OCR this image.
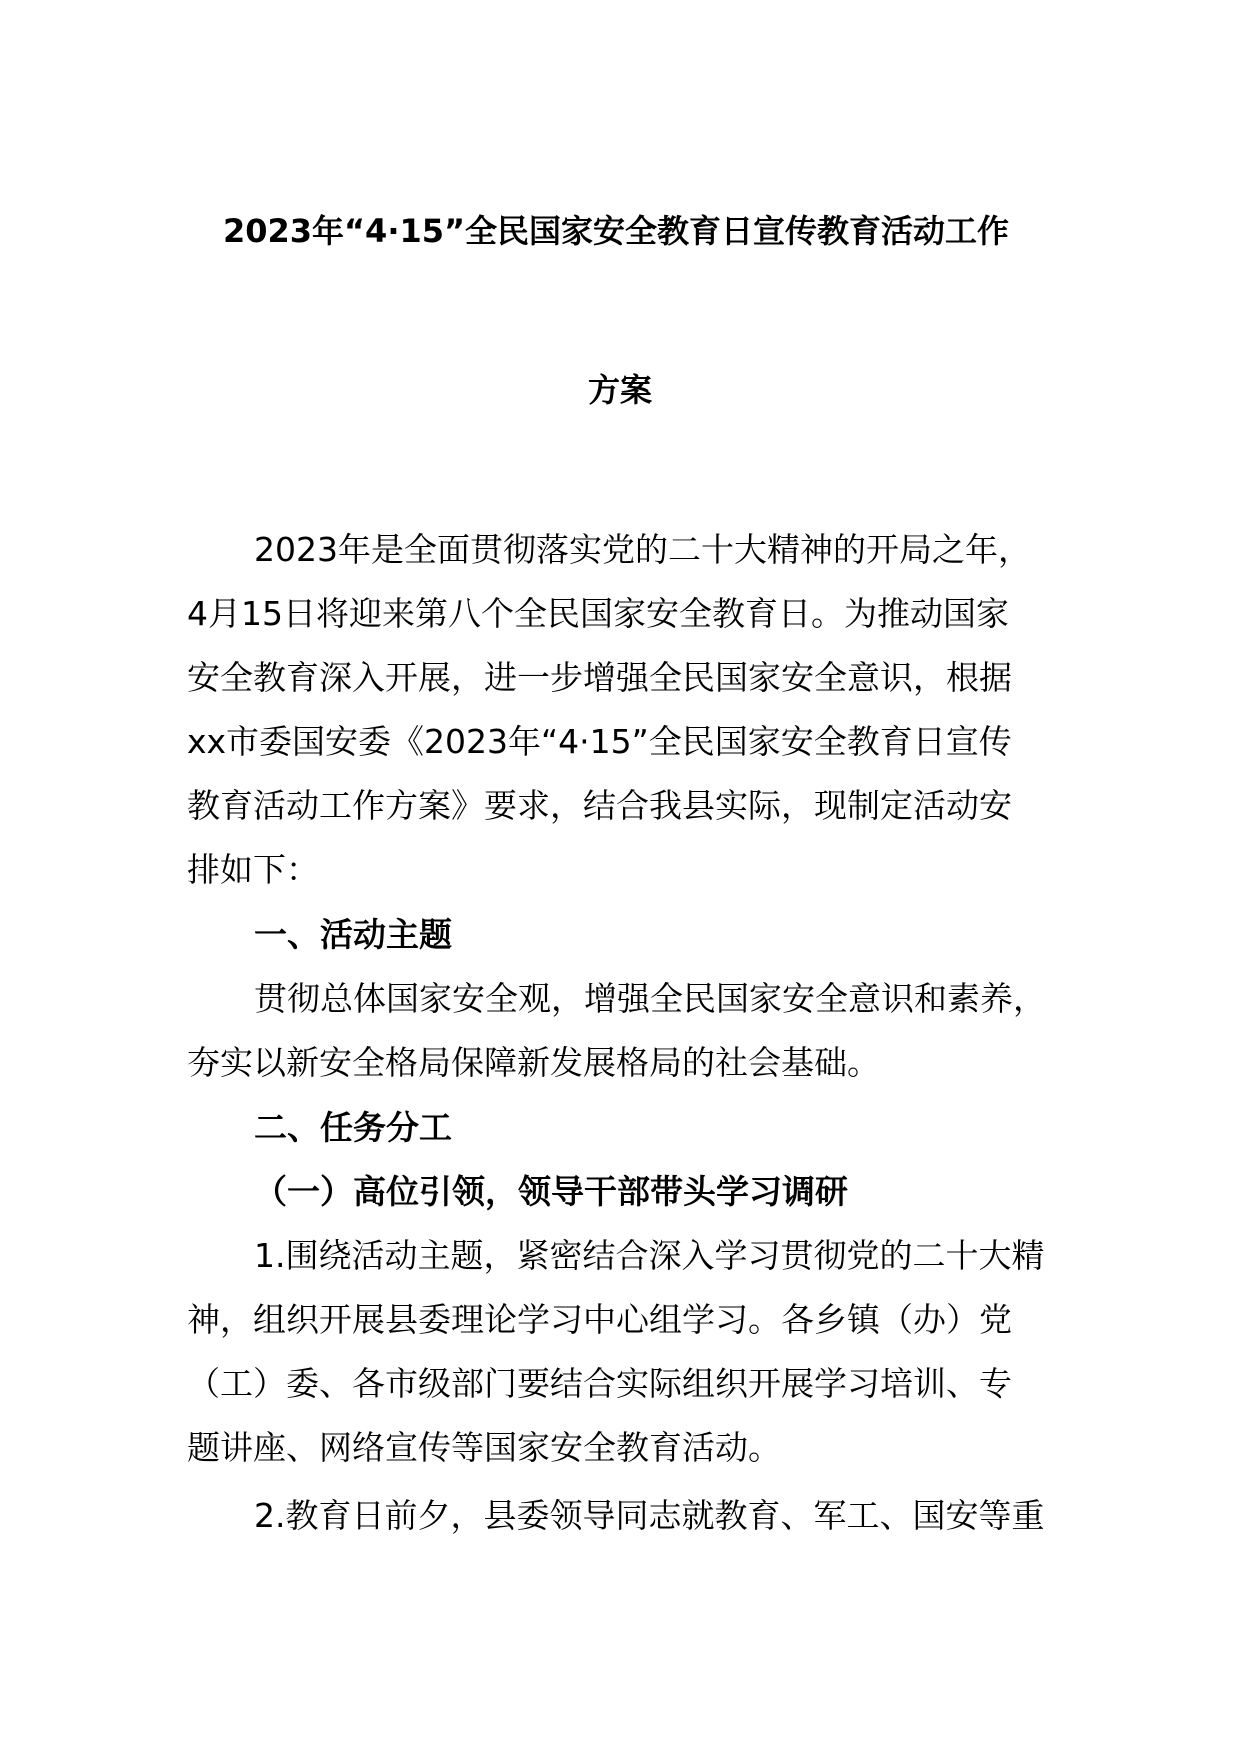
2023年“4·15”全民国家安全教育日宣传教育活动工作
方案
2023年是全面贯彻落实党的二十大精神的开局之年，
4月15日将迎来第八个全民国家安全教育日。为推动国家
安全教育深入开展，进一步增强全民国家安全意识，根据
xx市委国安委《2023年“4·15”全民国家安全教育日宣传
教育活动工作方案》要求，结合我县实际，现制定活动安
排如下：
一、活动主题
贯彻总体国家安全观，增强全民国家安全意识和素养，
夯实以新安全格局保障新发展格局的社会基础。
二、任务分工
（一）高位引领，领导干部带头学习调研
1.围绕活动主题，紧密结合深入学习贯彻党的二十大精
神，组织开展县委理论学习中心组学习。各乡镇（办）党
（工）委、各市级部门要结合实际组织开展学习培训、专
题讲座、网络宣传等国家安全教育活动。
2.教育日前夕，县委领导同志就教育、军工、国安等重
